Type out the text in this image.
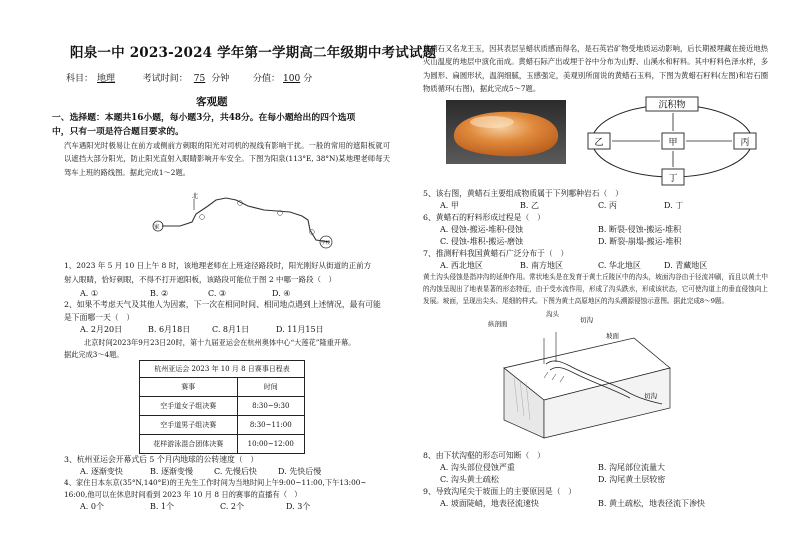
阳泉一中 2023-2024 学年第一学期高二年级期中考试试题
科目： 地理	考试时间： 75 分钟	分值： 100 分
客观题
一、选择题：本题共16小题，每小题3分，共48分。在每小题给出的四个选项
中，只有一项是符合题目要求的。
汽车遇阳光时极易让在前方或侧前方刺眼的阳光对司机的视线有影响干扰。一般的常用的遮阳板就可以遮挡大部分阳光，防止阳光直射入眼睛影响开车安全。下图为阳泉(113°E, 38°N)某地理老师每天驾车上班的路线图。据此完成1～2题。
家
北
学校
1、2023 年 5 月 10 日上午 8 时，该地理老师在上班途径路段时，阳光刚好从街道的正前方
射入眼睛，恰好刺眼，不得不打开遮阳板，该路段可能位于图 2 中哪一路段（　）
A. ①	B. ②	C. ③	D. ④
2、如果不考虑天气及其他人为因素，下一次在相同时间、相同地点遇到上述情况，最有可能
是下面哪一天（　）
A. 2月20日	B. 6月18日	C. 8月1日	D. 11月15日
北京时间2023年9月23日20时，第十九届亚运会在杭州奥体中心“大莲花”隆重开幕。
据此完成3～4题。
杭州亚运会 2023 年 10 月 8 日赛事日程表
赛事	时间
空手道女子组决赛	8:30~9:30
空手道男子组决赛	8:30~11:00
花样游泳混合团体决赛	10:00~12:00
3、杭州亚运会开幕式后 5 个月内地球的公转速度（　）
A. 逐渐变快	B. 逐渐变慢	C. 先慢后快	D. 先快后慢
4、家住日本东京(35°N,140°E)的王先生工作时间为当地时间上午9:00~11:00,下午13:00~
16:00,他可以在休息时间看到 2023 年 10 月 8 日的赛事的直播有（　）
A. 0个	B. 1个	C. 2个	D. 3个
黄蜡石又名龙王玉，因其表层呈蜡状质感而得名，是石英岩矿物受地质运动影响，后长期被埋藏在接近地热火山温度的地层中演化而成。黄蜡石际产出或埋于谷中分布为山野、山溪水和籽料。其中籽料色泽水样，多为圆形、扁圆形状，温润细腻，玉感强定，美观别所面说的黄蜡石玉料，下图为黄蜡石籽料(左图)和岩石圈物质循环(右图)，据此完成5～7题。
沉积物
乙	甲	丙
丁
5、该右图，黄蜡石主要组成物质属于下列哪种岩石（　）
A. 甲	B. 乙	C. 丙	D. 丁
6、黄蜡石的籽料形成过程是（　）
A. 侵蚀-搬运-堆积-侵蚀	B. 断裂-侵蚀-搬运-堆积
C. 侵蚀-堆积-搬运-磨蚀	D. 断裂-崩塌-搬运-堆积
7、推测籽料我国黄蜡石广泛分布于（　）
A. 西北地区	B. 南方地区	C. 华北地区	D. 青藏地区
黄土沟头侵蚀是指冲沟的延伸作用。常状地头是在发育于黄土丘陵区中的沟头，坡面沟谷由于径流冲刷，而且以黄土中的沟蚀呈现出了地表显著的形态特征，由于受水流作用，形成了沟头跌水，形成该状态，它可使沟道上的垂直侵蚀向上发展。坡面，呈现出尖头、尾细的样式。下图为黄土高原地区的沟头溯源侵蚀示意图。据此完成8～9题。
沟头
切沟
纵剖面
坡面
切沟
8、由下状沟壑的形态可知断（　）
A. 沟头部位侵蚀严重	B. 沟尾部位流量大
C. 沟头黄土疏松	D. 沟尾黄土层较密
9、导致沟尾尖于坡面上的主要原因是（　）
A. 坡面陡峭，地表径流速快	B. 黄土疏松，地表径流下渗快
